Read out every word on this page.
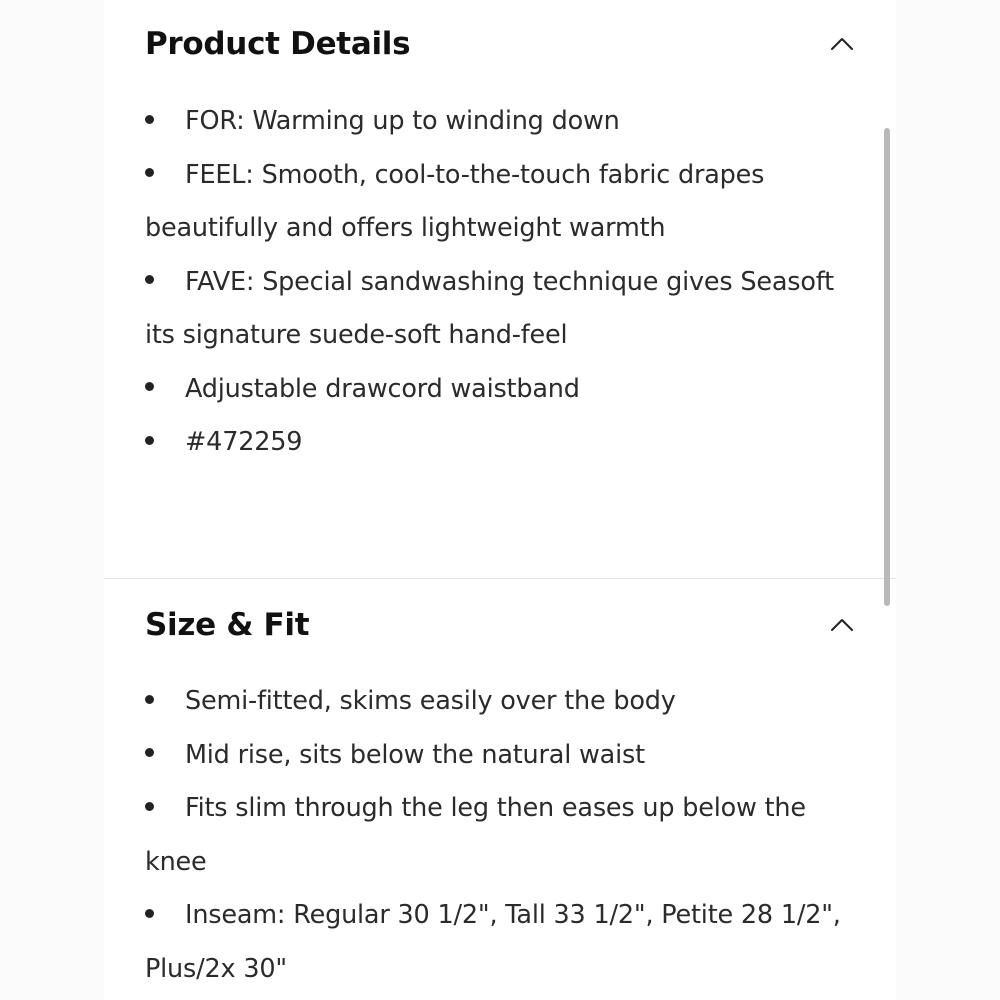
Product Details
FOR: Warming up to winding down
FEEL: Smooth, cool-to-the-touch fabric drapes beautifully and offers lightweight warmth
FAVE: Special sandwashing technique gives Seasoft its signature suede-soft hand-feel
Adjustable drawcord waistband
#472259
Size & Fit
Semi-fitted, skims easily over the body
Mid rise, sits below the natural waist
Fits slim through the leg then eases up below the knee
Inseam: Regular 30 1/2", Tall 33 1/2", Petite 28 1/2", Plus/2x 30"
